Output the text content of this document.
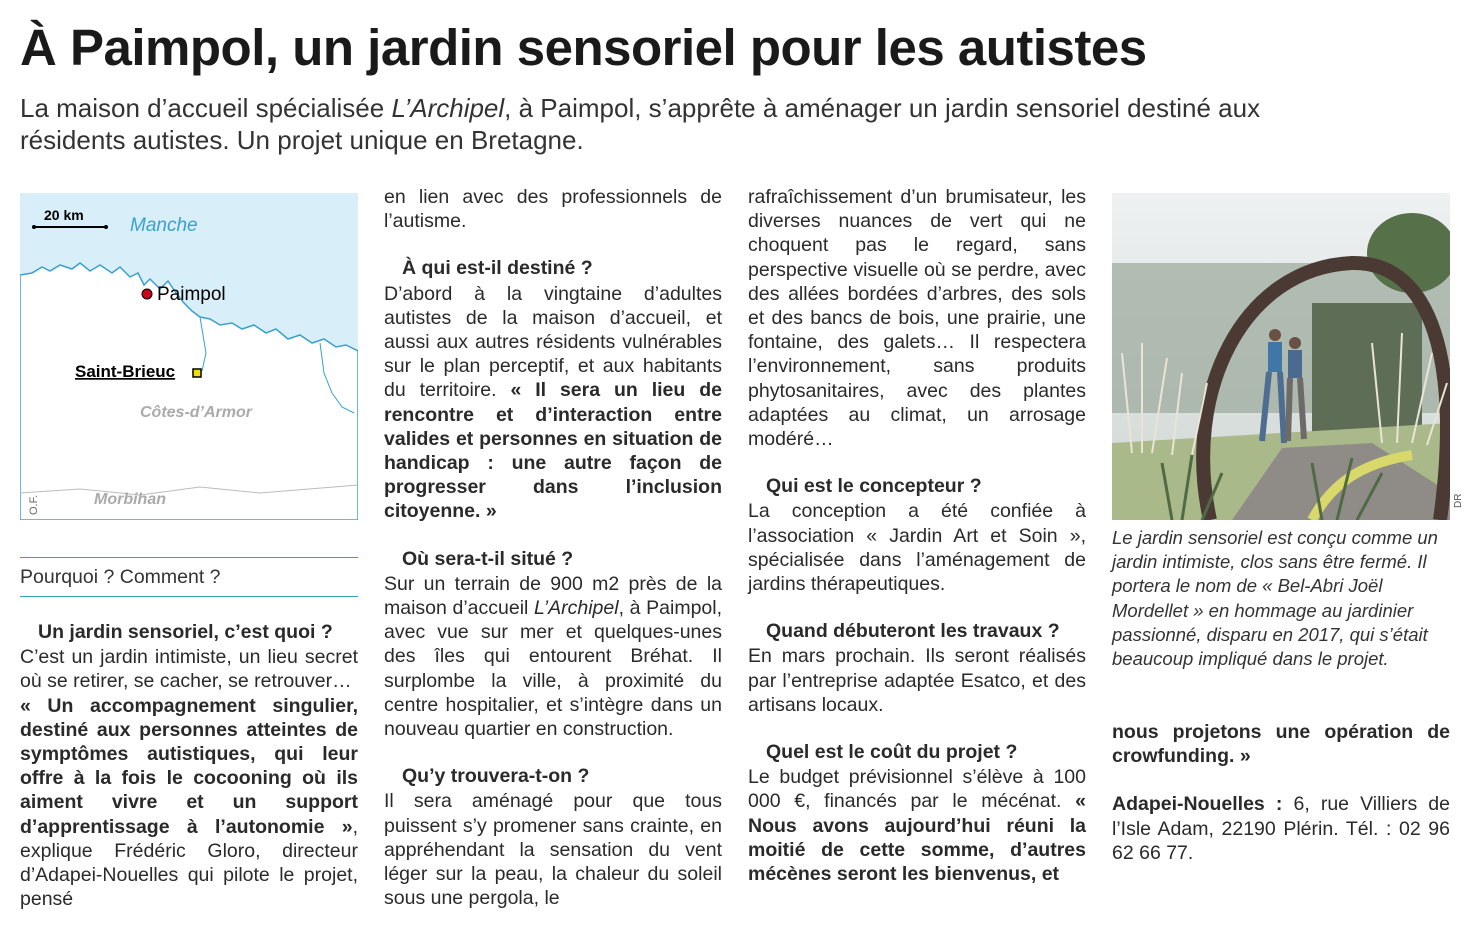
À Paimpol, un jardin sensoriel pour les autistes

La maison d’accueil spécialisée L’Archipel, à Paimpol, s’apprête à aménager un jardin sensoriel destiné aux résidents autistes. Un projet unique en Bretagne.

20 km Manche
Paimpol
Saint-Brieuc
Côtes-d’Armor
Morbihan
O.F.
Pourquoi ? Comment ?

Un jardin sensoriel, c’est quoi ?

C’est un jardin intimiste, un lieu secret où se retirer, se cacher, se retrouver…
« Un accompagnement singulier, destiné aux personnes atteintes de symptômes autistiques, qui leur offre à la fois le cocooning où ils aiment vivre et un support d’apprentissage à l’autonomie », explique Frédéric Gloro, directeur d’Adapei-Nouelles qui pilote le projet, pensé

en lien avec des professionnels de l’autisme.

À qui est-il destiné ?

D’abord à la vingtaine d’adultes autistes de la maison d’accueil, et aussi aux autres résidents vulnérables sur le plan perceptif, et aux habitants du territoire. « Il sera un lieu de rencontre et d’interaction entre valides et personnes en situation de handicap : une autre façon de progresser dans l’inclusion citoyenne. »

Où sera-t-il situé ?

Sur un terrain de 900 m2 près de la maison d’accueil L’Archipel, à Paimpol, avec vue sur mer et quelques-unes des îles qui entourent Bréhat. Il surplombe la ville, à proximité du centre hospitalier, et s’intègre dans un nouveau quartier en construction.

Qu’y trouvera-t-on ?

Il sera aménagé pour que tous puissent s’y promener sans crainte, en appréhendant la sensation du vent léger sur la peau, la chaleur du soleil sous une pergola, le

rafraîchissement d’un brumisateur, les diverses nuances de vert qui ne choquent pas le regard, sans perspective visuelle où se perdre, avec des allées bordées d’arbres, des sols et des bancs de bois, une prairie, une fontaine, des galets… Il respectera l’environnement, sans produits phytosanitaires, avec des plantes adaptées au climat, un arrosage modéré…

Qui est le concepteur ?

La conception a été confiée à l’association « Jardin Art et Soin », spécialisée dans l’aménagement de jardins thérapeutiques.

Quand débuteront les travaux ?

En mars prochain. Ils seront réalisés par l’entreprise adaptée Esatco, et des artisans locaux.

Quel est le coût du projet ?

Le budget prévisionnel s’élève à 100 000 €, financés par le mécénat. « Nous avons aujourd’hui réuni la moitié de cette somme, d’autres mécènes seront les bienvenus, et

DR

Le jardin sensoriel est conçu comme un jardin intimiste, clos sans être fermé. Il portera le nom de « Bel-Abri Joël Mordellet » en hommage au jardinier passionné, disparu en 2017, qui s’était beaucoup impliqué dans le projet.

nous projetons une opération de crowfunding. »

Adapei-Nouelles : 6, rue Villiers de l’Isle Adam, 22190 Plérin. Tél. : 02 96 62 66 77.
